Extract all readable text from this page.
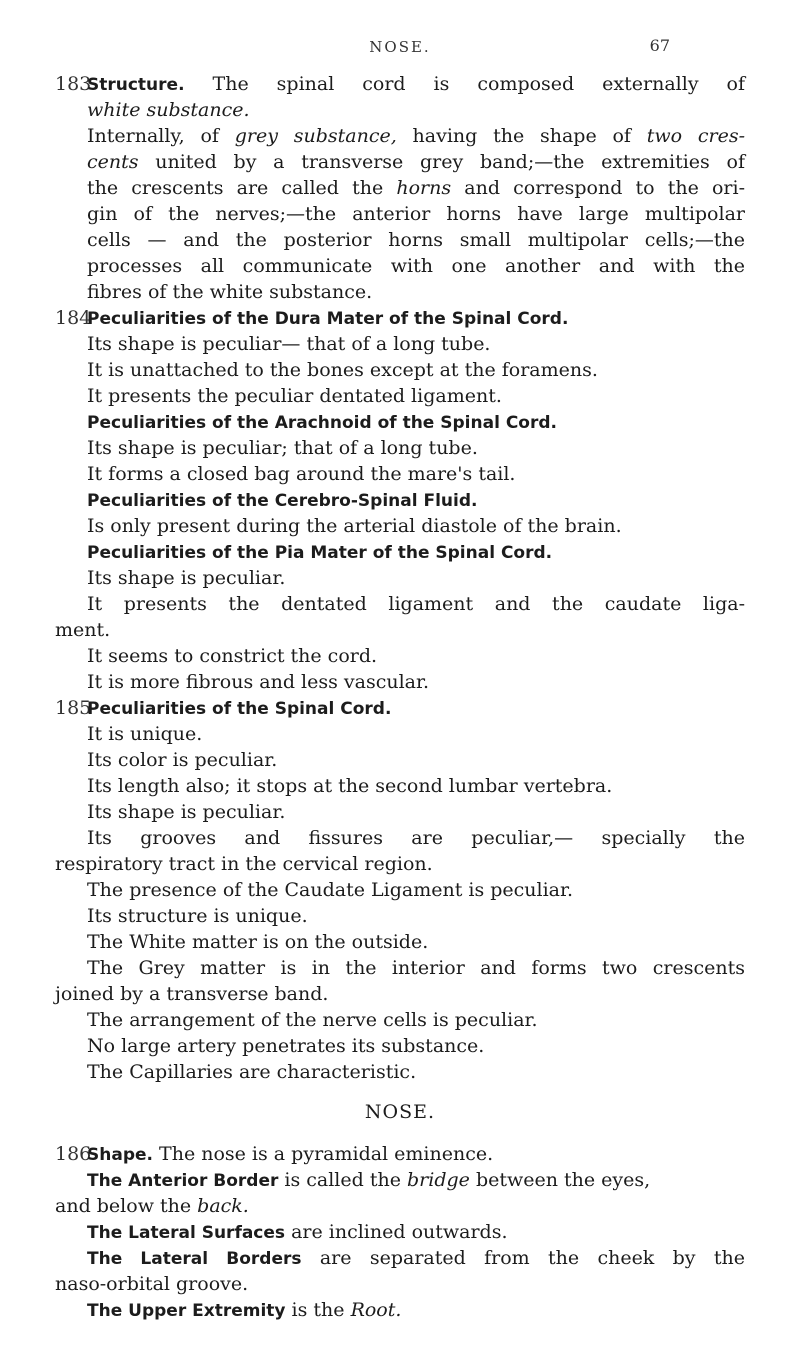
NOSE.	67
183Structure. The spinal cord is composed externally of
white substance.
Internally, of grey substance, having the shape of two cres-
cents united by a transverse grey band;—the extremities of
the crescents are called the horns and correspond to the ori-
gin of the nerves;—the anterior horns have large multipolar
cells — and the posterior horns small multipolar cells;—the
processes all communicate with one another and with the
fibres of the white substance.
184Peculiarities of the Dura Mater of the Spinal Cord.
Its shape is peculiar— that of a long tube.
It is unattached to the bones except at the foramens.
It presents the peculiar dentated ligament.
Peculiarities of the Arachnoid of the Spinal Cord.
Its shape is peculiar; that of a long tube.
It forms a closed bag around the mare's tail.
Peculiarities of the Cerebro-Spinal Fluid.
Is only present during the arterial diastole of the brain.
Peculiarities of the Pia Mater of the Spinal Cord.
Its shape is peculiar.
It presents the dentated ligament and the caudate liga-
ment.
It seems to constrict the cord.
It is more fibrous and less vascular.
185Peculiarities of the Spinal Cord.
It is unique.
Its color is peculiar.
Its length also; it stops at the second lumbar vertebra.
Its shape is peculiar.
Its grooves and fissures are peculiar,— specially the
respiratory tract in the cervical region.
The presence of the Caudate Ligament is peculiar.
Its structure is unique.
The White matter is on the outside.
The Grey matter is in the interior and forms two crescents
joined by a transverse band.
The arrangement of the nerve cells is peculiar.
No large artery penetrates its substance.
The Capillaries are characteristic.
NOSE.
186Shape. The nose is a pyramidal eminence.
The Anterior Border is called the bridge between the eyes,
and below the back.
The Lateral Surfaces are inclined outwards.
The Lateral Borders are separated from the cheek by the
naso-orbital groove.
The Upper Extremity is the Root.
